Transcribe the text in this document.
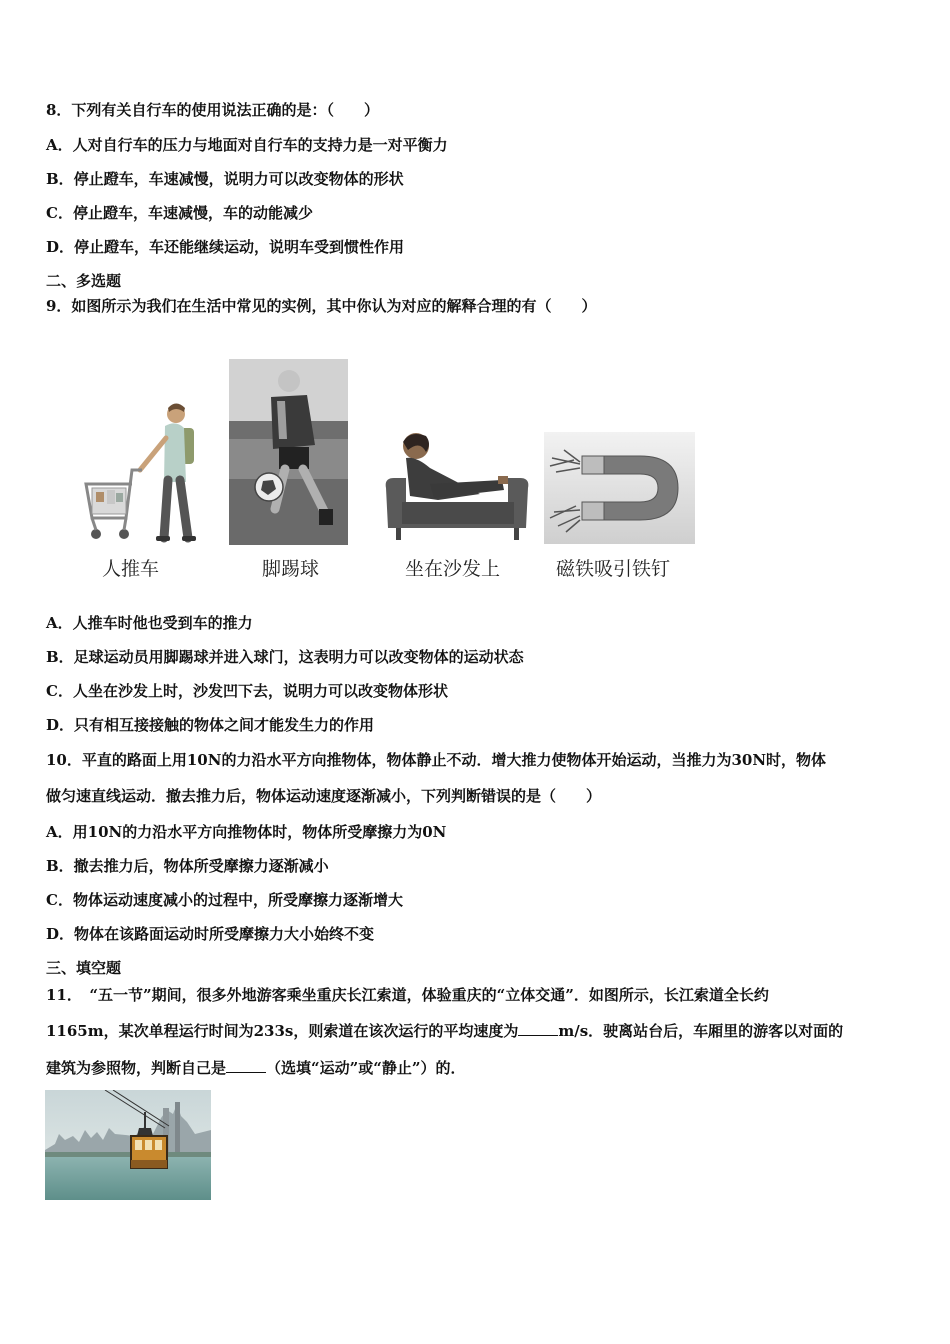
8．下列有关自行车的使用说法正确的是：（　　）
A．人对自行车的压力与地面对自行车的支持力是一对平衡力
B．停止蹬车，车速减慢，说明力可以改变物体的形状
C．停止蹬车，车速减慢，车的动能减少
D．停止蹬车，车还能继续运动，说明车受到惯性作用
二、多选题
9．如图所示为我们在生活中常见的实例，其中你认为对应的解释合理的有（　　）
人推车	脚踢球	坐在沙发上	磁铁吸引铁钉
A．人推车时他也受到车的推力
B．足球运动员用脚踢球并进入球门，这表明力可以改变物体的运动状态
C．人坐在沙发上时，沙发凹下去，说明力可以改变物体形状
D．只有相互接接触的物体之间才能发生力的作用
10．平直的路面上用10N的力沿水平方向推物体，物体静止不动．增大推力使物体开始运动，当推力为30N时，物体
做匀速直线运动．撤去推力后，物体运动速度逐渐减小，下列判断错误的是（　　）
A．用10N的力沿水平方向推物体时，物体所受摩擦力为0N
B．撤去推力后，物体所受摩擦力逐渐减小
C．物体运动速度减小的过程中，所受摩擦力逐渐增大
D．物体在该路面运动时所受摩擦力大小始终不变
三、填空题
11．　“五一节”期间，很多外地游客乘坐重庆长江索道，体验重庆的“立体交通”．如图所示，长江索道全长约
1165m，某次单程运行时间为233s，则索道在该次运行的平均速度为	m/s．驶离站台后，车厢里的游客以对面的
建筑为参照物，判断自己是	（选填“运动”或“静止”）的．
